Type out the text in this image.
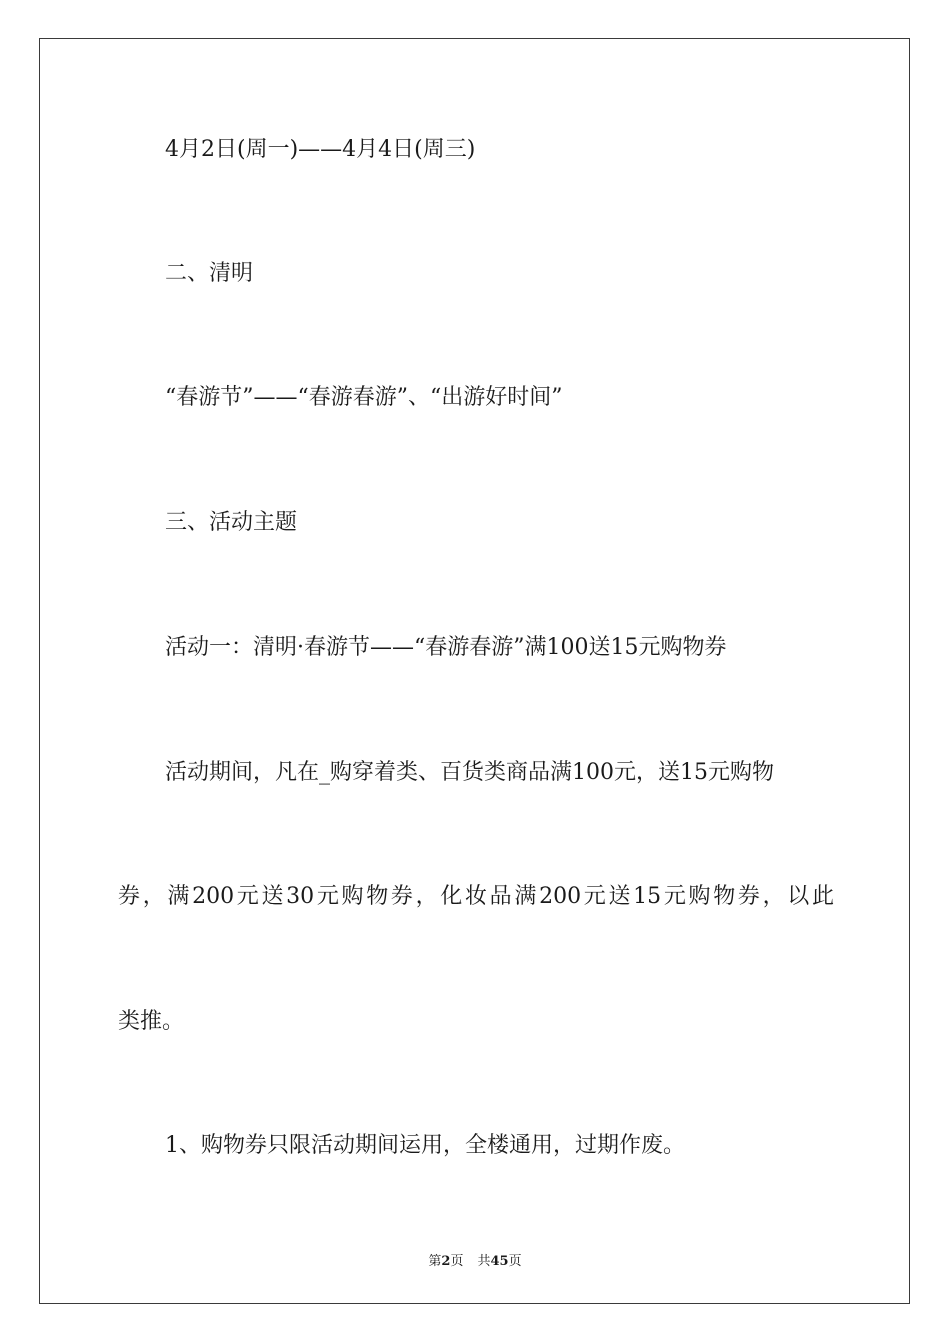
4月2日(周一)——4月4日(周三)
二、清明
“春游节”——“春游春游”、“出游好时间”
三、活动主题
活动一：清明·春游节——“春游春游”满100送15元购物券
活动期间，凡在_购穿着类、百货类商品满100元，送15元购物
券，满200元送30元购物券，化妆品满200元送15元购物券，以此
类推。
1、购物券只限活动期间运用，全楼通用，过期作废。
第2页 共45页
